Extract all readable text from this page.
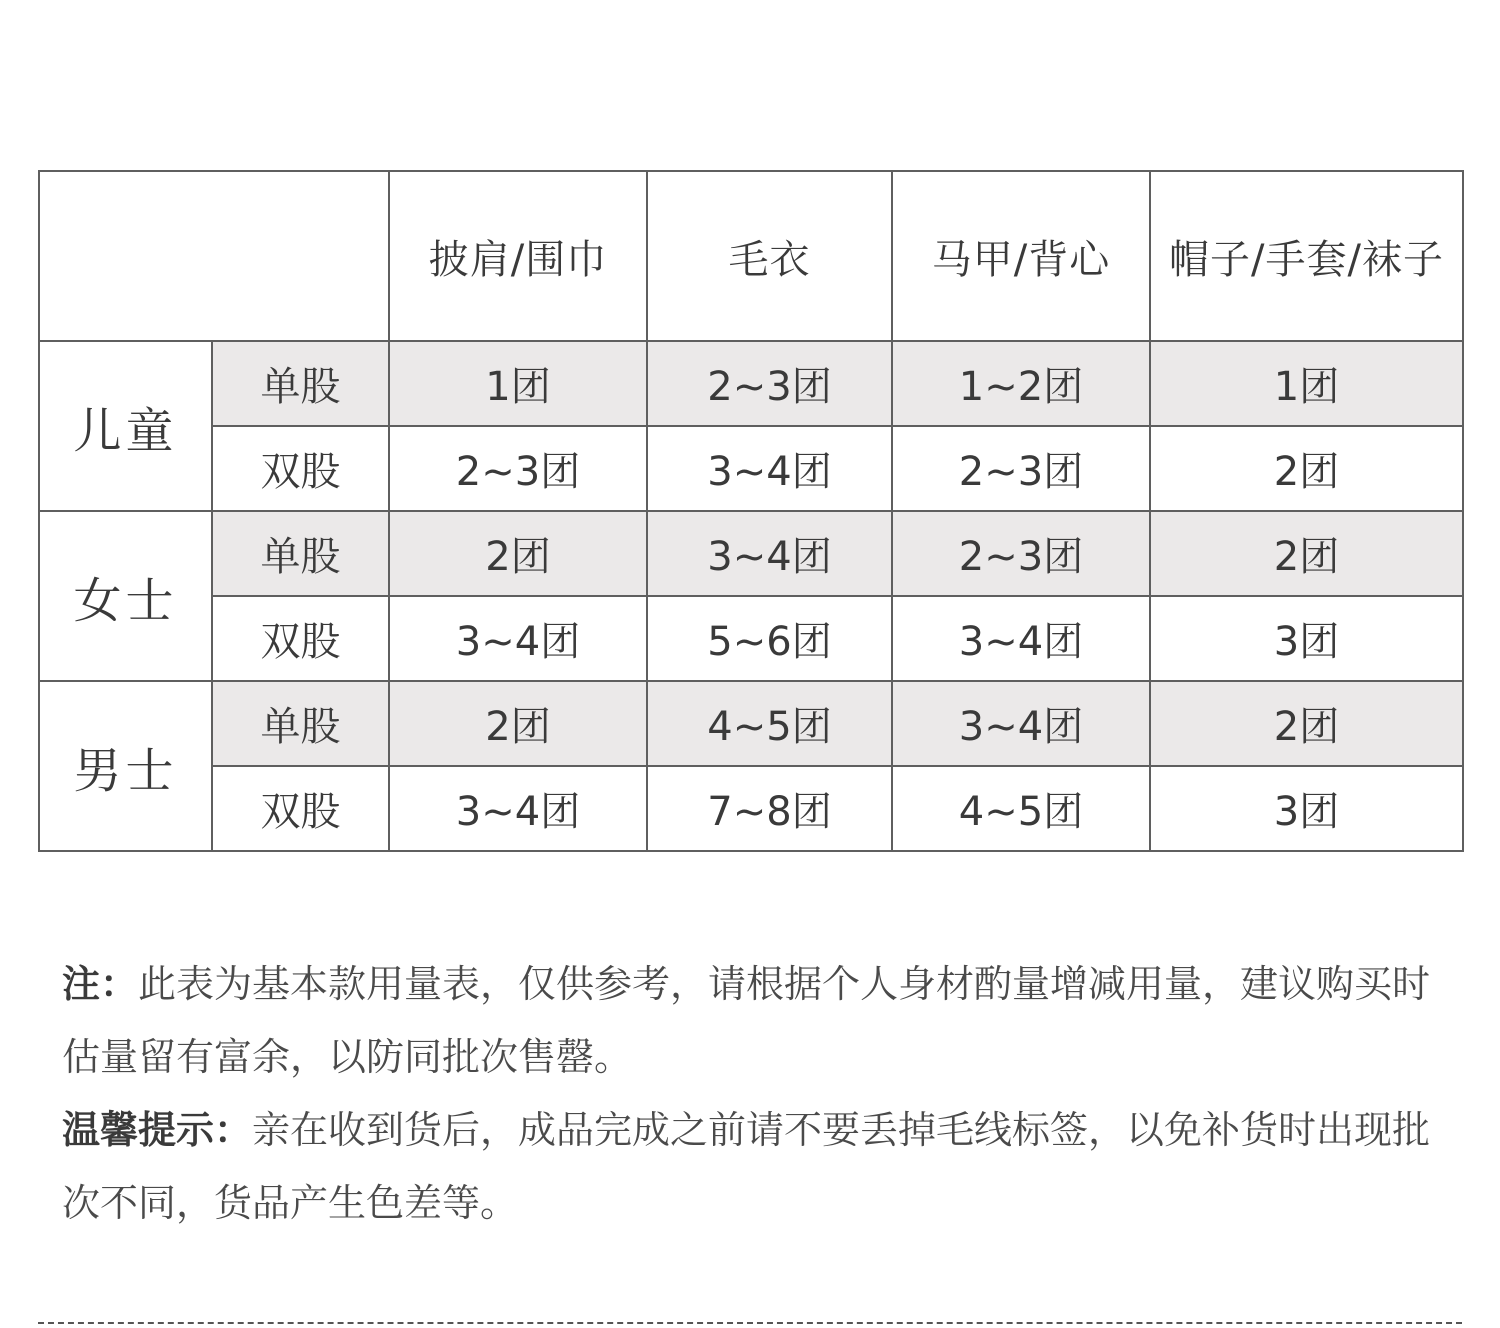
		披肩/围巾	毛衣	马甲/背心	帽子/手套/袜子
儿童	单股	1团	2~3团	1~2团	1团
	双股	2~3团	3~4团	2~3团	2团
女士	单股	2团	3~4团	2~3团	2团
	双股	3~4团	5~6团	3~4团	3团
男士	单股	2团	4~5团	3~4团	2团
	双股	3~4团	7~8团	4~5团	3团

注：此表为基本款用量表，仅供参考，请根据个人身材酌量增减用量，建议购买时估量留有富余，以防同批次售罄。

温馨提示：亲在收到货后，成品完成之前请不要丢掉毛线标签，以免补货时出现批次不同，货品产生色差等。
